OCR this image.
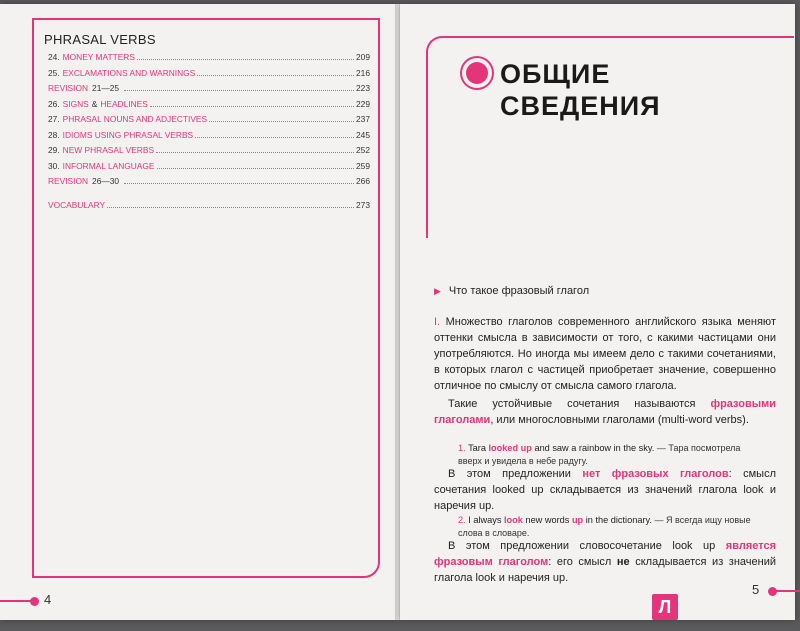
PHRASAL VERBS
24. MONEY MATTERS	209
25. EXCLAMATIONS AND WARNINGS	216
REVISION 21—25	223
26. SIGNS & HEADLINES	229
27. PHRASAL NOUNS AND ADJECTIVES	237
28. IDIOMS USING PHRASAL VERBS	245
29. NEW PHRASAL VERBS	252
30. INFORMAL LANGUAGE	259
REVISION 26—30	266
VOCABULARY	273
4
ОБЩИЕ
СВЕДЕНИЯ
▶ Что такое фразовый глагол
I. Множество глаголов современного английского языка меняют оттенки смысла в зависимости от того, с какими частицами они употребляются. Но иногда мы имеем дело с такими сочетаниями, в которых глагол с частицей приобретает значение, совершенно отличное по смыслу от смысла самого глагола.
Такие устойчивые сочетания называются фразовыми глаголами, или многословными глаголами (multi-word verbs).
1. Tara looked up and saw a rainbow in the sky. — Тара посмотрела вверх и увидела в небе радугу.
В этом предложении нет фразовых глаголов: смысл сочетания looked up складывается из значений глагола look и наречия up.
2. I always look new words up in the dictionary. — Я всегда ищу новые слова в словаре.
В этом предложении словосочетание look up является фразовым глаголом: его смысл не складывается из значений глагола look и наречия up.
5
Л
